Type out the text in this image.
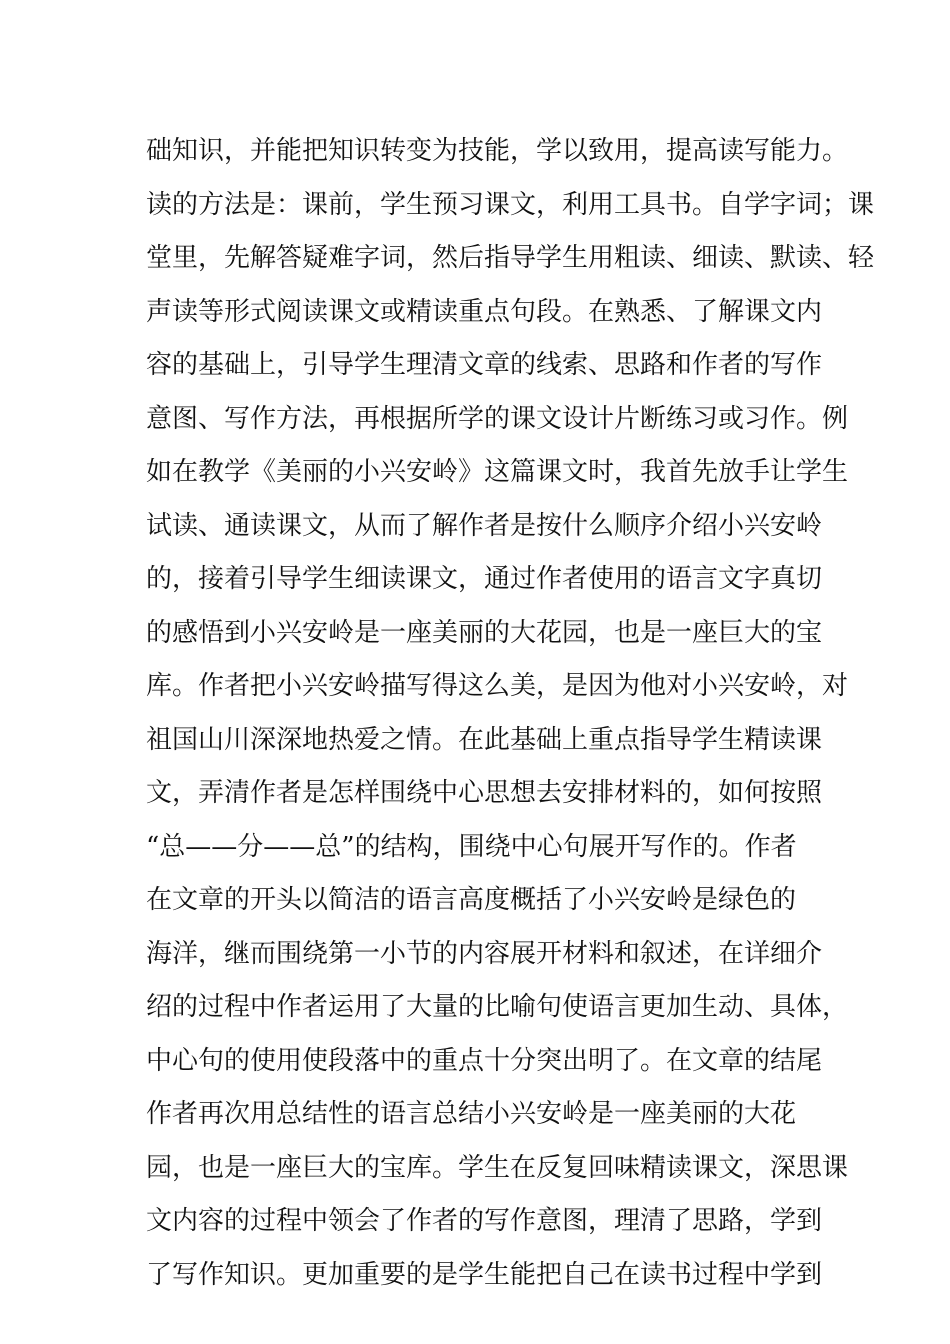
础知识，并能把知识转变为技能，学以致用，提高读写能力。
读的方法是：课前，学生预习课文，利用工具书。自学字词；课
堂里，先解答疑难字词，然后指导学生用粗读、细读、默读、轻
声读等形式阅读课文或精读重点句段。在熟悉、了解课文内
容的基础上，引导学生理清文章的线索、思路和作者的写作
意图、写作方法，再根据所学的课文设计片断练习或习作。例
如在教学《美丽的小兴安岭》这篇课文时，我首先放手让学生
试读、通读课文，从而了解作者是按什么顺序介绍小兴安岭
的，接着引导学生细读课文，通过作者使用的语言文字真切
的感悟到小兴安岭是一座美丽的大花园，也是一座巨大的宝
库。作者把小兴安岭描写得这么美，是因为他对小兴安岭，对
祖国山川深深地热爱之情。在此基础上重点指导学生精读课
文，弄清作者是怎样围绕中心思想去安排材料的，如何按照
“总——分——总”的结构，围绕中心句展开写作的。作者
在文章的开头以简洁的语言高度概括了小兴安岭是绿色的
海洋，继而围绕第一小节的内容展开材料和叙述，在详细介
绍的过程中作者运用了大量的比喻句使语言更加生动、具体，
中心句的使用使段落中的重点十分突出明了。在文章的结尾
作者再次用总结性的语言总结小兴安岭是一座美丽的大花
园，也是一座巨大的宝库。学生在反复回味精读课文，深思课
文内容的过程中领会了作者的写作意图，理清了思路，学到
了写作知识。更加重要的是学生能把自己在读书过程中学到
